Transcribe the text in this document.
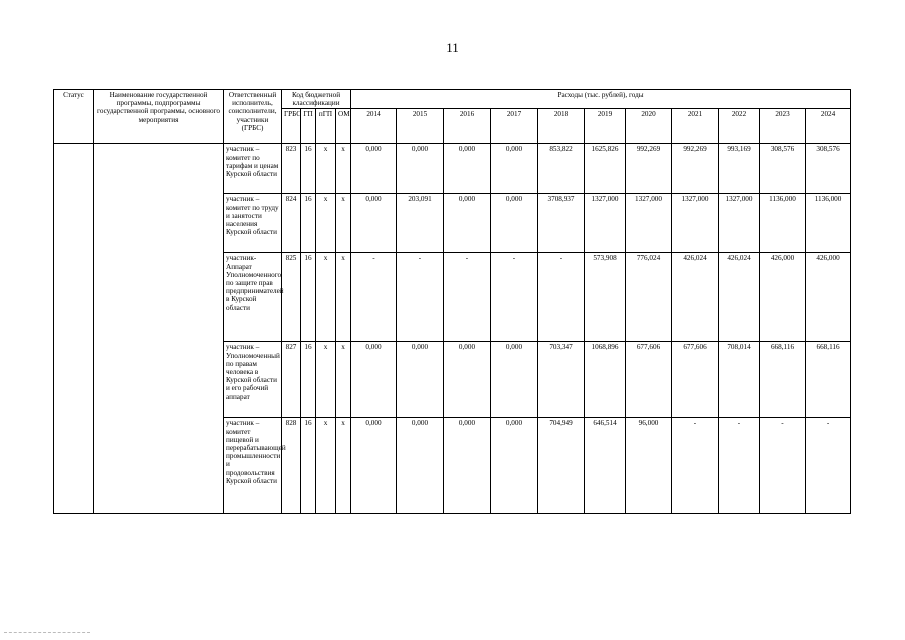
11
Статус	Наименование государственной программы, подпрограммы государственной программы, основного мероприятия	Ответственный исполнитель, соисполнители, участники (ГРБС)	Код бюджетной классификации				Расходы (тыс. рублей), годы										
			ГРБС	ГП	пГП	ОМ	2014	2015	2016	2017	2018	2019	2020	2021	2022	2023	2024
		участник – комитет по тарифам и ценам Курской области	823	16	х	х	0,000	0,000	0,000	0,000	853,822	1625,826	992,269	992,269	993,169	308,576	308,576
		участник – комитет по труду и занятости населения Курской области	824	16	х	х	0,000	203,091	0,000	0,000	3708,937	1327,000	1327,000	1327,000	1327,000	1136,000	1136,000
		участник-Аппарат Уполномоченного по защите прав предпринимателей в Курской области	825	16	х	х	-	-	-	-	-	573,908	776,024	426,024	426,024	426,000	426,000
		участник – Уполномоченный по правам человека в Курской области и его рабочий аппарат	827	16	х	х	0,000	0,000	0,000	0,000	703,347	1068,896	677,606	677,606	708,014	668,116	668,116
		участник – комитет пищевой и перерабатывающей промышленности и продовольствия Курской области	828	16	х	х	0,000	0,000	0,000	0,000	704,949	646,514	96,000	-	-	-	-
